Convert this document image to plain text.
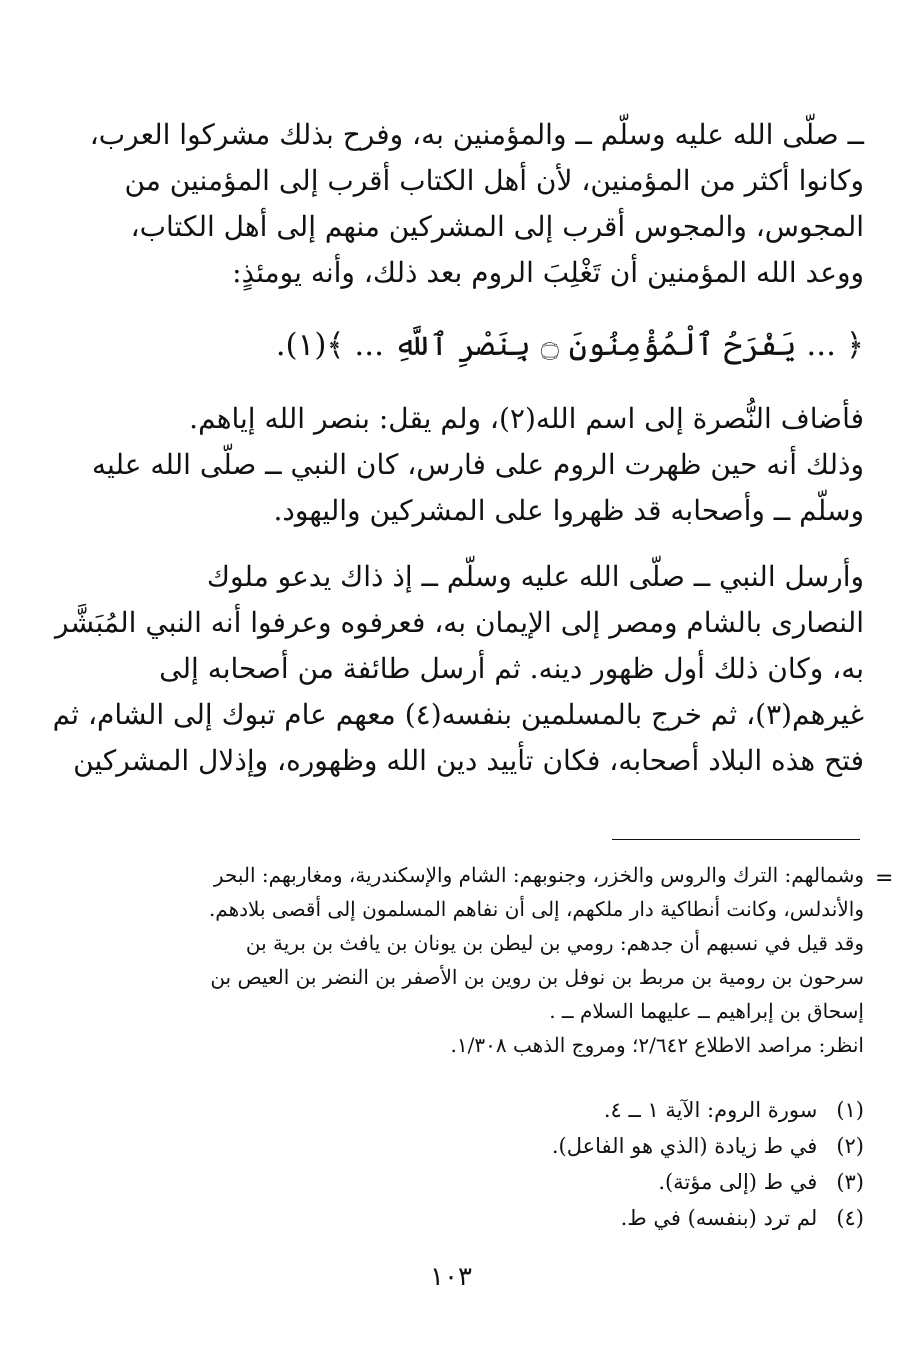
ــ صلّى الله عليه وسلّم ــ والمؤمنين به، وفرح بذلك مشركوا العرب،

وكانوا أكثر من المؤمنين، لأن أهل الكتاب أقرب إلى المؤمنين من

المجوس، والمجوس أقرب إلى المشركين منهم إلى أهل الكتاب،

ووعد الله المؤمنين أن تَغْلِبَ الروم بعد ذلك، وأنه يومئذٍ:

﴿ ... يَفْرَحُ ٱلْمُؤْمِنُونَ ۝ بِنَصْرِ ٱللَّهِ ... ﴾(١).

فأضاف النُّصرة إلى اسم الله(٢)، ولم يقل: بنصر الله إياهم.

وذلك أنه حين ظهرت الروم على فارس، كان النبي ــ صلّى الله عليه

وسلّم ــ وأصحابه قد ظهروا على المشركين واليهود.

وأرسل النبي ــ صلّى الله عليه وسلّم ــ إذ ذاك يدعو ملوك

النصارى بالشام ومصر إلى الإيمان به، فعرفوه وعرفوا أنه النبي المُبَشَّر

به، وكان ذلك أول ظهور دينه. ثم أرسل طائفة من أصحابه إلى

غيرهم(٣)، ثم خرج بالمسلمين بنفسه(٤) معهم عام تبوك إلى الشام، ثم

فتح هذه البلاد أصحابه، فكان تأييد دين الله وظهوره، وإذلال المشركين

=

وشمالهم: الترك والروس والخزر، وجنوبهم: الشام والإسكندرية، ومغاربهم: البحر

والأندلس، وكانت أنطاكية دار ملكهم، إلى أن نفاهم المسلمون إلى أقصى بلادهم.

وقد قيل في نسبهم أن جدهم: رومي بن ليطن بن يونان بن يافث بن برية بن

سرحون بن رومية بن مربط بن نوفل بن روين بن الأصفر بن النضر بن العيص بن

إسحاق بن إبراهيم ــ عليهما السلام ــ .

انظر: مراصد الاطلاع ٢/٦٤٢؛ ومروج الذهب ١/٣٠٨.

(١) سورة الروم: الآية ١ ــ ٤.

(٢) في ط زيادة (الذي هو الفاعل).

(٣) في ط (إلى مؤتة).

(٤) لم ترد (بنفسه) في ط.

١٠٣
